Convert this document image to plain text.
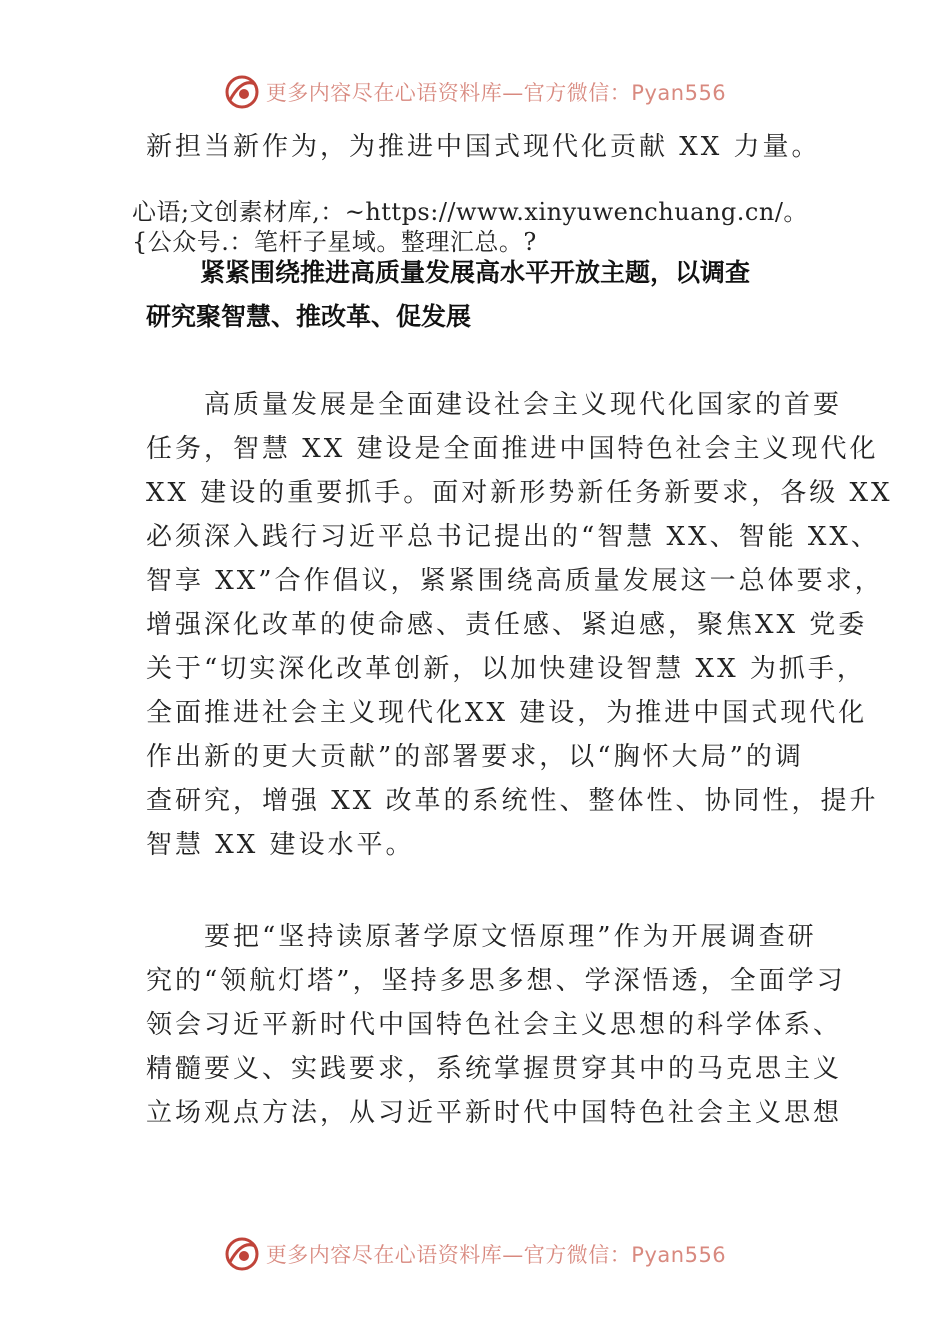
更多内容尽在心语资料库—官方微信：Pyan556
新担当新作为，为推进中国式现代化贡献 XX 力量。
心语;文创素材库,：~https://www.xinyuwenchuang.cn/。
{公众号.：笔杆子星域。整理汇总。?
紧紧围绕推进高质量发展高水平开放主题，以调查
研究聚智慧、推改革、促发展
　　高质量发展是全面建设社会主义现代化国家的首要
任务，智慧 XX 建设是全面推进中国特色社会主义现代化
XX 建设的重要抓手。面对新形势新任务新要求，各级 XX
必须深入践行习近平总书记提出的“智慧 XX、智能 XX、
智享 XX”合作倡议，紧紧围绕高质量发展这一总体要求，
增强深化改革的使命感、责任感、紧迫感，聚焦XX 党委
关于“切实深化改革创新，以加快建设智慧 XX 为抓手，
全面推进社会主义现代化XX 建设，为推进中国式现代化
作出新的更大贡献”的部署要求，以“胸怀大局”的调
查研究，增强 XX 改革的系统性、整体性、协同性，提升
智慧 XX 建设水平。
　　要把“坚持读原著学原文悟原理”作为开展调查研
究的“领航灯塔”，坚持多思多想、学深悟透，全面学习
领会习近平新时代中国特色社会主义思想的科学体系、
精髓要义、实践要求，系统掌握贯穿其中的马克思主义
立场观点方法，从习近平新时代中国特色社会主义思想
更多内容尽在心语资料库—官方微信：Pyan556
